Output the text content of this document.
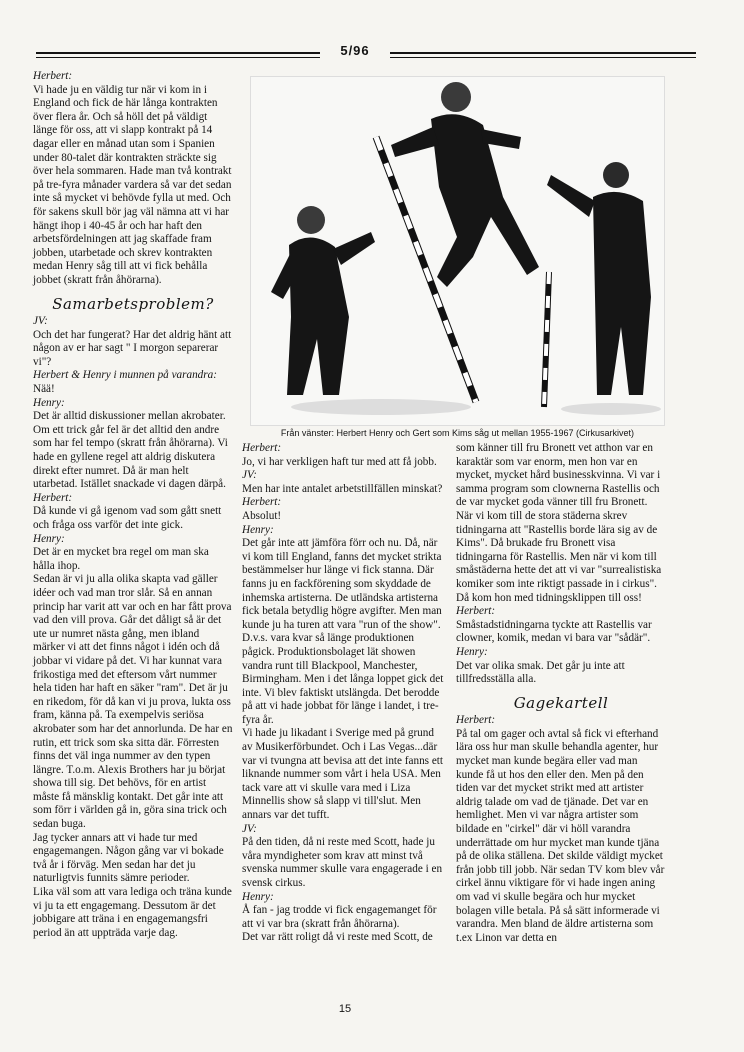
5/96

Herbert:

Vi hade ju en väldig tur när vi kom in i England och fick de här långa kontrakten över flera år. Och så höll det på väldigt länge för oss, att vi slapp kontrakt på 14 dagar eller en månad utan som i Spanien under 80-talet där kontrakten sträckte sig över hela sommaren. Hade man två kontrakt på tre-fyra månader vardera så var det sedan inte så mycket vi behövde fylla ut med. Och för sakens skull bör jag väl nämna att vi har hängt ihop i 40-45 år och har haft den arbetsfördelningen att jag skaffade fram jobben, utarbetade och skrev kontrakten medan Henry såg till att vi fick behålla jobbet (skratt från åhörarna).

Samarbetsproblem?

JV:

Och det har fungerat? Har det aldrig hänt att någon av er har sagt " I morgon separerar vi"?

Herbert & Henry i munnen på varandra:

Nää!

Henry:

Det är alltid diskussioner mellan akrobater. Om ett trick går fel är det alltid den andre som har fel tempo (skratt från åhörarna). Vi hade en gyllene regel att aldrig diskutera direkt efter numret. Då är man helt utarbetad. Istället snackade vi dagen därpå.

Herbert:

Då kunde vi gå igenom vad som gått snett och fråga oss varför det inte gick.

Henry:

Det är en mycket bra regel om man ska hålla ihop.

Sedan är vi ju alla olika skapta vad gäller idéer och vad man tror slår. Så en annan princip har varit att var och en har fått prova vad den vill prova. Går det dåligt så är det ute ur numret nästa gång, men ibland märker vi att det finns något i idén och då jobbar vi vidare på det. Vi har kunnat vara frikostiga med det eftersom vårt nummer hela tiden har haft en säker "ram". Det är ju en rikedom, för då kan vi ju prova, lukta oss fram, känna på. Ta exempelvis seriösa akrobater som har det annorlunda. De har en rutin, ett trick som ska sitta där. Förresten finns det väl inga nummer av den typen längre. T.o.m. Alexis Brothers har ju börjat showa till sig. Det behövs, för en artist måste få mänsklig kontakt. Det går inte att som förr i världen gå in, göra sina trick och sedan buga.

Jag tycker annars att vi hade tur med engagemangen. Någon gång var vi bokade två år i förväg. Men sedan har det ju naturligtvis funnits sämre perioder.

Lika väl som att vara lediga och träna kunde vi ju ta ett engagemang. Dessutom är det jobbigare att träna i en engagemangsfri period än att uppträda varje dag.

Från vänster: Herbert Henry och Gert som Kims såg ut mellan 1955-1967 (Cirkusarkivet)

Herbert:

Jo, vi har verkligen haft tur med att få jobb.

JV:

Men har inte antalet arbetstillfällen minskat?

Herbert:

Absolut!

Henry:

Det går inte att jämföra förr och nu. Då, när vi kom till England, fanns det mycket strikta bestämmelser hur länge vi fick stanna. Där fanns ju en fackförening som skyddade de inhemska artisterna. De utländska artisterna fick betala betydlig högre avgifter. Men man kunde ju ha turen att vara "run of the show". D.v.s. vara kvar så länge produktionen pågick. Produktionsbolaget lät showen vandra runt till Blackpool, Manchester, Birmingham. Men i det långa loppet gick det inte. Vi blev faktiskt utslängda. Det berodde på att vi hade jobbat för länge i landet, i tre-fyra år.

Vi hade ju likadant i Sverige med på grund av Musikerförbundet. Och i Las Vegas...där var vi tvungna att bevisa att det inte fanns ett liknande nummer som vårt i hela USA. Men tack vare att vi skulle vara med i Liza Minnellis show så slapp vi till'slut. Men annars var det tufft.

JV:

På den tiden, då ni reste med Scott, hade ju våra myndigheter som krav att minst två svenska nummer skulle vara engagerade i en svensk cirkus.

Henry:

Å fan - jag trodde vi fick engagemanget för att vi var bra (skratt från åhörarna).

Det var rätt roligt då vi reste med Scott, de

som känner till fru Bronett vet atthon var en karaktär som var enorm, men hon var en mycket, mycket hård businesskvinna. Vi var i samma program som clownerna Rastellis och de var mycket goda vänner till fru Bronett. När vi kom till de stora städerna skrev tidningarna att "Rastellis borde lära sig av de Kims". Då brukade fru Bronett visa tidningarna för Rastellis. Men när vi kom till småstäderna hette det att vi var "surrealistiska komiker som inte riktigt passade in i cirkus". Då kom hon med tidningsklippen till oss!

Herbert:

Småstadstidningarna tyckte att Rastellis var clowner, komik, medan vi bara var "sådär".

Henry:

Det var olika smak. Det går ju inte att tillfredsställa alla.

Gagekartell

Herbert:

På tal om gager och avtal så fick vi efterhand lära oss hur man skulle behandla agenter, hur mycket man kunde begära eller vad man kunde få ut hos den eller den. Men på den tiden var det mycket strikt med att artister aldrig talade om vad de tjänade. Det var en hemlighet. Men vi var några artister som bildade en "cirkel" där vi höll varandra underrättade om hur mycket man kunde tjäna på de olika ställena. Det skilde väldigt mycket från jobb till jobb. När sedan TV kom blev vår cirkel ännu viktigare för vi hade ingen aning om vad vi skulle begära och hur mycket bolagen ville betala. På så sätt informerade vi varandra. Men bland de äldre artisterna som t.ex Linon var detta en

15
